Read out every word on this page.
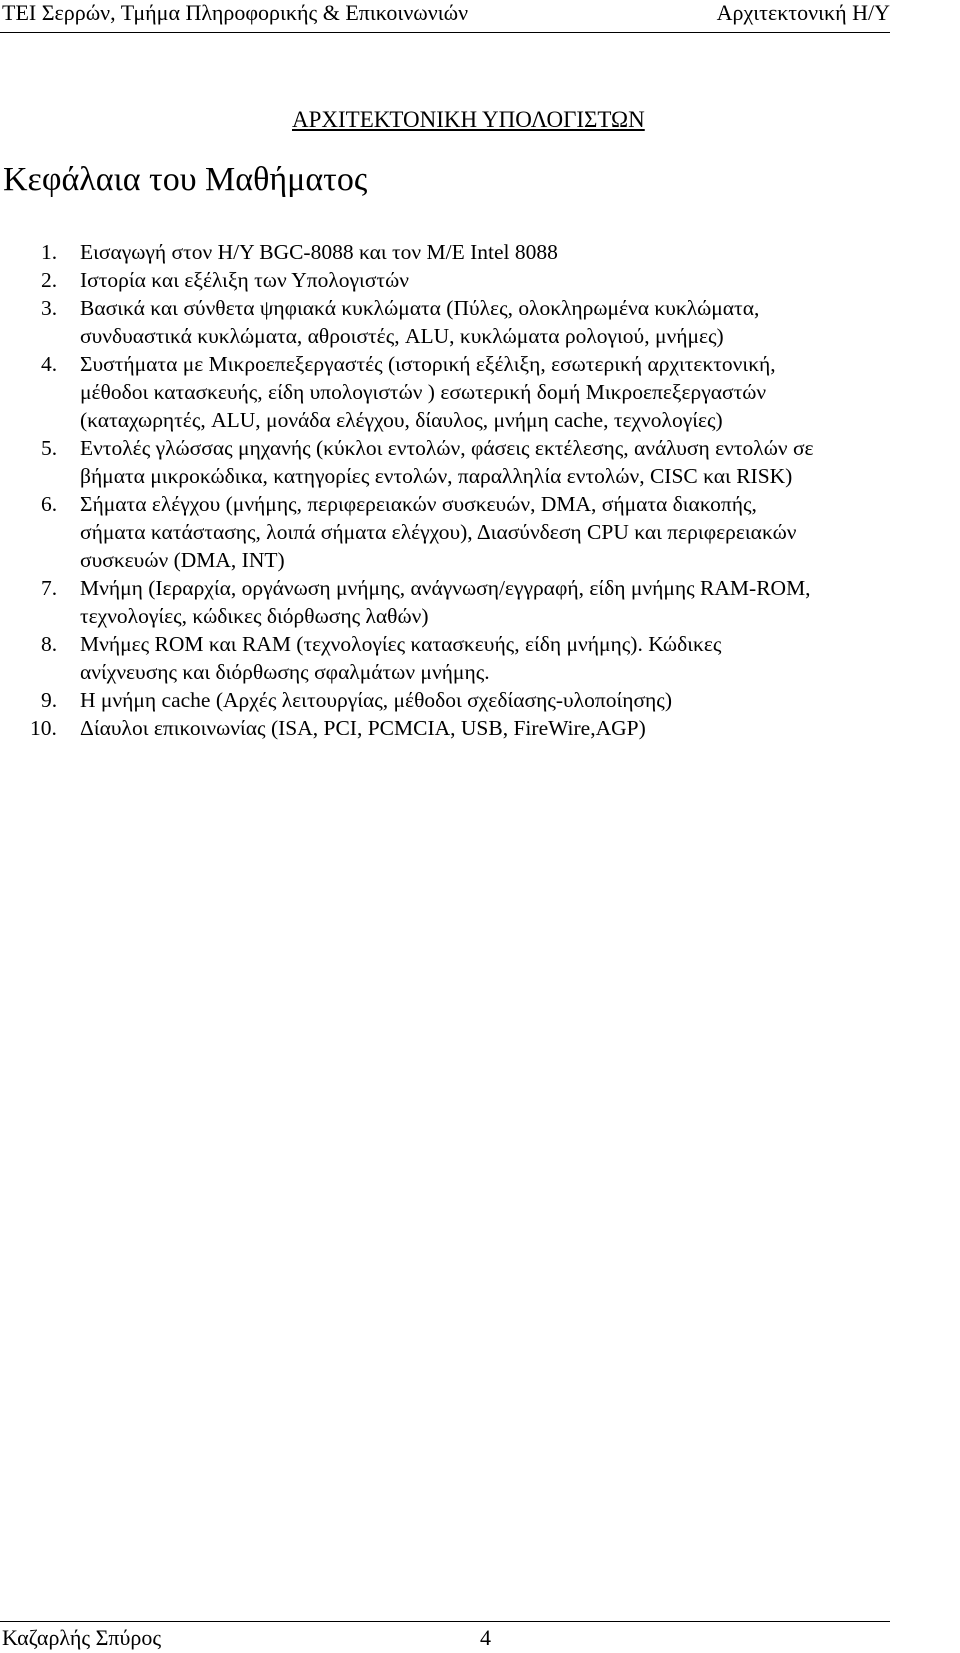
ΤΕΙ Σερρών, Τμήμα Πληροφορικής & Επικοινωνιών	Αρχιτεκτονική Η/Υ
ΑΡΧΙΤΕΚΤΟΝΙΚΗ ΥΠΟΛΟΓΙΣΤΩΝ
Κεφάλαια του Μαθήματος
1. Εισαγωγή στον Η/Υ BGC-8088 και τον Μ/Ε Intel 8088
2. Ιστορία και εξέλιξη των Υπολογιστών
3. Βασικά και σύνθετα ψηφιακά κυκλώματα (Πύλες, ολοκληρωμένα κυκλώματα,
συνδυαστικά κυκλώματα, αθροιστές, ALU, κυκλώματα ρολογιού, μνήμες)
4. Συστήματα με Μικροεπεξεργαστές (ιστορική εξέλιξη, εσωτερική αρχιτεκτονική,
μέθοδοι κατασκευής, είδη υπολογιστών ) εσωτερική δομή Μικροεπεξεργαστών
(καταχωρητές, ALU, μονάδα ελέγχου, δίαυλος, μνήμη cache, τεχνολογίες)
5. Εντολές γλώσσας μηχανής (κύκλοι εντολών, φάσεις εκτέλεσης, ανάλυση εντολών σε
βήματα μικροκώδικα, κατηγορίες εντολών, παραλληλία εντολών, CISC και RISK)
6. Σήματα ελέγχου (μνήμης, περιφερειακών συσκευών, DMA, σήματα διακοπής,
σήματα κατάστασης, λοιπά σήματα ελέγχου), Διασύνδεση CPU και περιφερειακών
συσκευών (DMA, INT)
7. Μνήμη (Ιεραρχία, οργάνωση μνήμης, ανάγνωση/εγγραφή, είδη μνήμης RAM-ROM,
τεχνολογίες, κώδικες διόρθωσης λαθών)
8. Μνήμες ROM και RAM (τεχνολογίες κατασκευής, είδη μνήμης). Κώδικες
ανίχνευσης και διόρθωσης σφαλμάτων μνήμης.
9. Η μνήμη cache (Αρχές λειτουργίας, μέθοδοι σχεδίασης-υλοποίησης)
10. Δίαυλοι επικοινωνίας (ISA, PCI, PCMCIA, USB, FireWire,AGP)
Καζαρλής Σπύρος	4
